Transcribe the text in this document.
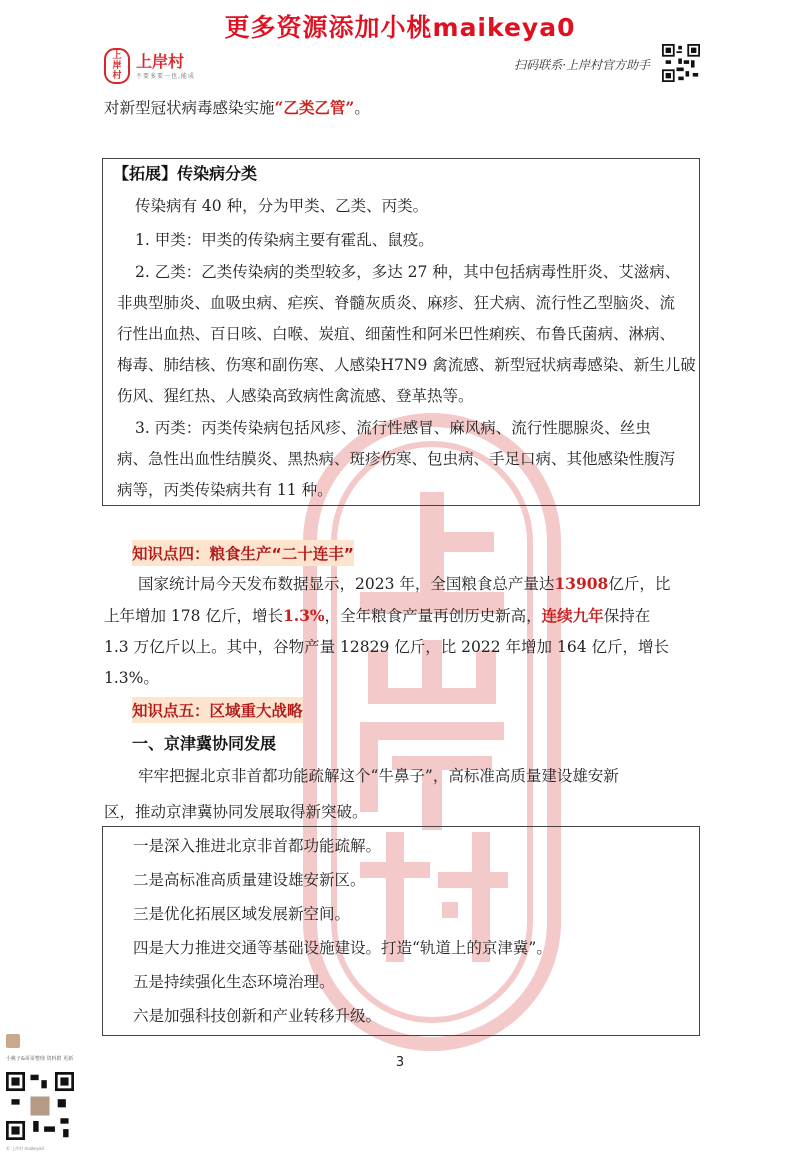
更多资源添加小桃maikeya0
上
岸
村
上岸村
不要多要一也,能成
扫码联系·上岸村官方助手
对新型冠状病毒感染实施“乙类乙管”。
【拓展】传染病分类
传染病有 40 种，分为甲类、乙类、丙类。
1. 甲类：甲类的传染病主要有霍乱、鼠疫。
2. 乙类：乙类传染病的类型较多，多达 27 种，其中包括病毒性肝炎、艾滋病、
非典型肺炎、血吸虫病、疟疾、脊髓灰质炎、麻疹、狂犬病、流行性乙型脑炎、流
行性出血热、百日咳、白喉、炭疽、细菌性和阿米巴性痢疾、布鲁氏菌病、淋病、
梅毒、肺结核、伤寒和副伤寒、人感染H7N9 禽流感、新型冠状病毒感染、新生儿破
伤风、猩红热、人感染高致病性禽流感、登革热等。
3. 丙类：丙类传染病包括风疹、流行性感冒、麻风病、流行性腮腺炎、丝虫
病、急性出血性结膜炎、黑热病、斑疹伤寒、包虫病、手足口病、其他感染性腹泻
病等，丙类传染病共有 11 种。
知识点四：粮食生产“二十连丰”
国家统计局今天发布数据显示，2023 年，全国粮食总产量达13908亿斤，比
上年增加 178 亿斤，增长1.3%，全年粮食产量再创历史新高，连续九年保持在
1.3 万亿斤以上。其中，谷物产量 12829 亿斤，比 2022 年增加 164 亿斤，增长
1.3%。
知识点五：区域重大战略
一、京津冀协同发展
牢牢把握北京非首都功能疏解这个“牛鼻子”，高标准高质量建设雄安新
区，推动京津冀协同发展取得新突破。
一是深入推进北京非首都功能疏解。
二是高标准高质量建设雄安新区。
三是优化拓展区域发展新空间。
四是大力推进交通等基础设施建设。打造“轨道上的京津冀”。
五是持续强化生态环境治理。
六是加强科技创新和产业转移升级。
3
小桃子&哥哥整理 资料群 更新
© 上岸村 maikeya0
